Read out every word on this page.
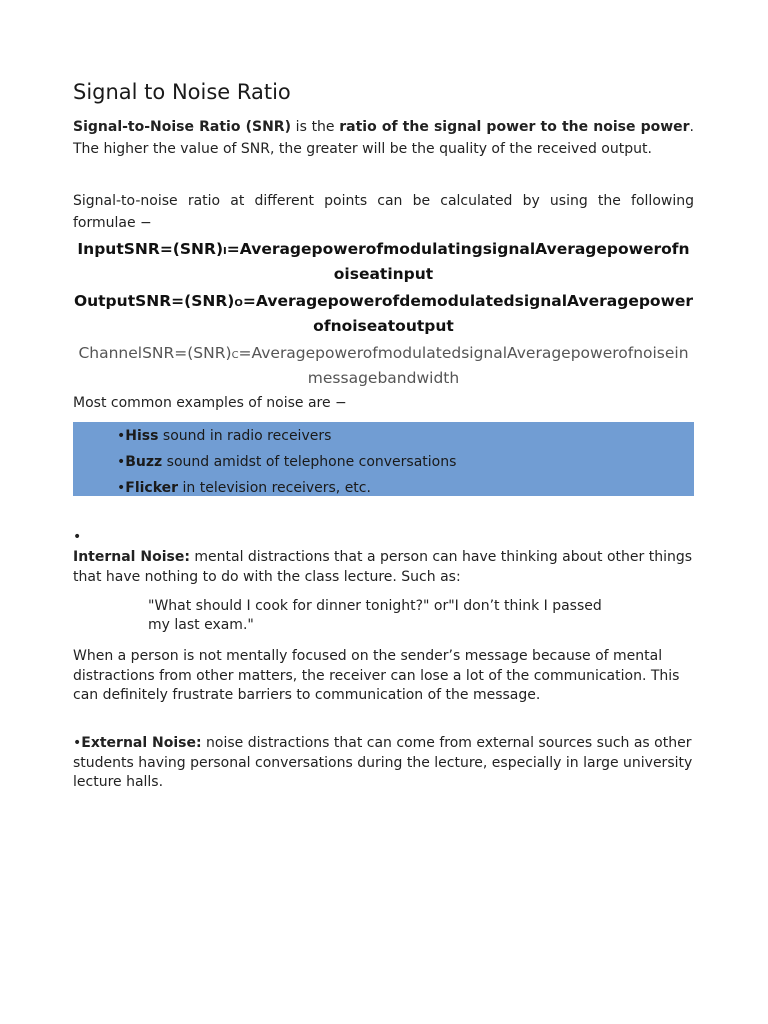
Signal to Noise Ratio

Signal-to-Noise Ratio (SNR) is the ratio of the signal power to the noise power. The higher the value of SNR, the greater will be the quality of the received output.

Signal-to-noise ratio at different points can be calculated by using the following formulae −

InputSNR=(SNR)I=AveragepowerofmodulatingsignalAveragepowerofnoiseatinput

OutputSNR=(SNR)O=AveragepowerofdemodulatedsignalAveragepowerofnoiseatoutput

ChannelSNR=(SNR)C=AveragepowerofmodulatedsignalAveragepowerofnoiseinmessagebandwidth

Most common examples of noise are −

•Hiss sound in radio receivers

•Buzz sound amidst of telephone conversations

•Flicker in television receivers, etc.

•

Internal Noise: mental distractions that a person can have thinking about other things that have nothing to do with the class lecture. Such as:

"What should I cook for dinner tonight?" or"I don’t think I passed my last exam."

When a person is not mentally focused on the sender’s message because of mental distractions from other matters, the receiver can lose a lot of the communication. This can definitely frustrate barriers to communication of the message.

•External Noise: noise distractions that can come from external sources such as other students having personal conversations during the lecture, especially in large university lecture halls.
